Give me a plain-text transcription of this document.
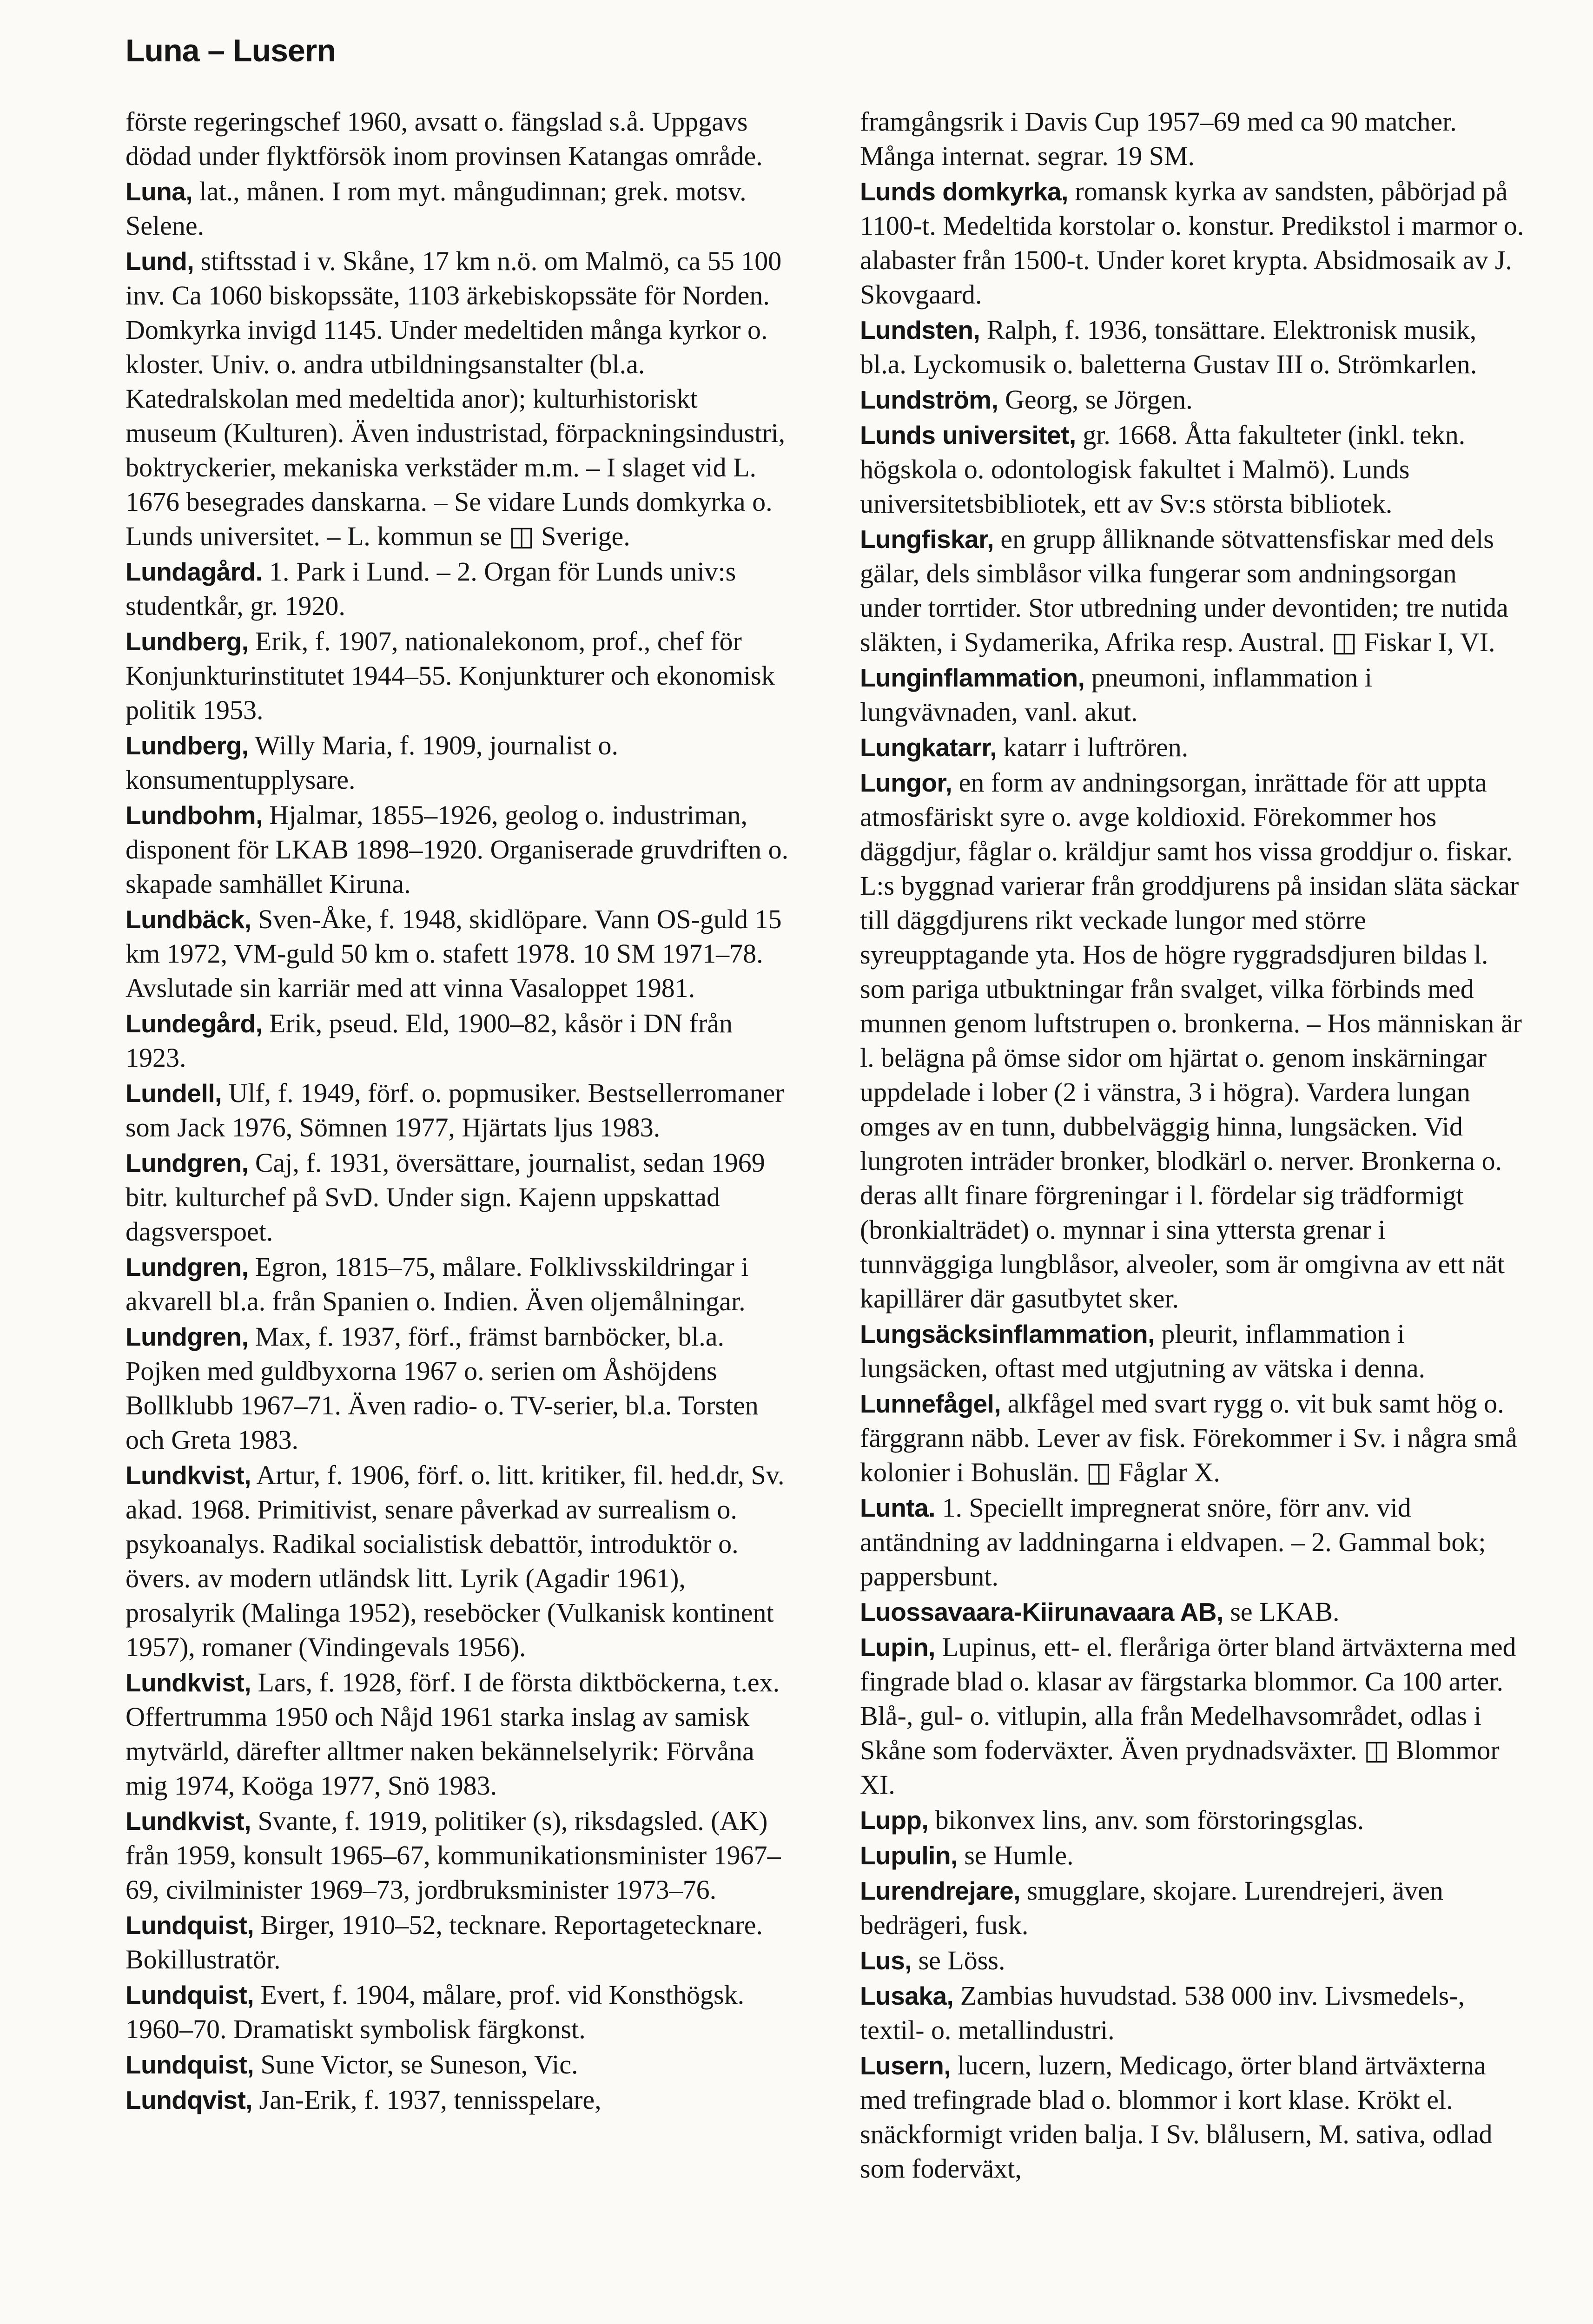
Luna – Lusern

förste regeringschef 1960, avsatt o. fängslad s.å. Uppgavs dödad under flyktförsök inom provinsen Katangas område.

Luna, lat., månen. I rom myt. mångudinnan; grek. motsv. Selene.

Lund, stiftsstad i v. Skåne, 17 km n.ö. om Malmö, ca 55 100 inv. Ca 1060 biskopssäte, 1103 ärkebiskopssäte för Norden. Domkyrka invigd 1145. Under medeltiden många kyrkor o. kloster. Univ. o. andra utbildningsanstalter (bl.a. Katedralskolan med medeltida anor); kulturhistoriskt museum (Kulturen). Även industristad, förpackningsindustri, boktryckerier, mekaniska verkstäder m.m. – I slaget vid L. 1676 besegrades danskarna. – Se vidare Lunds domkyrka o. Lunds universitet. – L. kommun se ◫ Sverige.

Lundagård. 1. Park i Lund. – 2. Organ för Lunds univ:s studentkår, gr. 1920.

Lundberg, Erik, f. 1907, nationalekonom, prof., chef för Konjunkturinstitutet 1944–55. Konjunkturer och ekonomisk politik 1953.

Lundberg, Willy Maria, f. 1909, journalist o. konsumentupplysare.

Lundbohm, Hjalmar, 1855–1926, geolog o. industriman, disponent för LKAB 1898–1920. Organiserade gruvdriften o. skapade samhället Kiruna.

Lundbäck, Sven-Åke, f. 1948, skidlöpare. Vann OS-guld 15 km 1972, VM-guld 50 km o. stafett 1978. 10 SM 1971–78. Avslutade sin karriär med att vinna Vasaloppet 1981.

Lundegård, Erik, pseud. Eld, 1900–82, kåsör i DN från 1923.

Lundell, Ulf, f. 1949, förf. o. popmusiker. Bestsellerromaner som Jack 1976, Sömnen 1977, Hjärtats ljus 1983.

Lundgren, Caj, f. 1931, översättare, journalist, sedan 1969 bitr. kulturchef på SvD. Under sign. Kajenn uppskattad dagsverspoet.

Lundgren, Egron, 1815–75, målare. Folklivsskildringar i akvarell bl.a. från Spanien o. Indien. Även oljemålningar.

Lundgren, Max, f. 1937, förf., främst barnböcker, bl.a. Pojken med guldbyxorna 1967 o. serien om Åshöjdens Bollklubb 1967–71. Även radio- o. TV-serier, bl.a. Torsten och Greta 1983.

Lundkvist, Artur, f. 1906, förf. o. litt. kritiker, fil. hed.dr, Sv. akad. 1968. Primitivist, senare påverkad av surrealism o. psykoanalys. Radikal socialistisk debattör, introduktör o. övers. av modern utländsk litt. Lyrik (Agadir 1961), prosalyrik (Malinga 1952), reseböcker (Vulkanisk kontinent 1957), romaner (Vindingevals 1956).

Lundkvist, Lars, f. 1928, förf. I de första diktböckerna, t.ex. Offertrumma 1950 och Nåjd 1961 starka inslag av samisk mytvärld, därefter alltmer naken bekännelselyrik: Förvåna mig 1974, Koöga 1977, Snö 1983.

Lundkvist, Svante, f. 1919, politiker (s), riksdagsled. (AK) från 1959, konsult 1965–67, kommunikationsminister 1967–69, civilminister 1969–73, jordbruksminister 1973–76.

Lundquist, Birger, 1910–52, tecknare. Reportagetecknare. Bokillustratör.

Lundquist, Evert, f. 1904, målare, prof. vid Konsthögsk. 1960–70. Dramatiskt symbolisk färgkonst.

Lundquist, Sune Victor, se Suneson, Vic.

Lundqvist, Jan-Erik, f. 1937, tennisspelare,

framgångsrik i Davis Cup 1957–69 med ca 90 matcher. Många internat. segrar. 19 SM.

Lunds domkyrka, romansk kyrka av sandsten, påbörjad på 1100-t. Medeltida korstolar o. konstur. Predikstol i marmor o. alabaster från 1500-t. Under koret krypta. Absidmosaik av J. Skovgaard.

Lundsten, Ralph, f. 1936, tonsättare. Elektronisk musik, bl.a. Lyckomusik o. baletterna Gustav III o. Strömkarlen.

Lundström, Georg, se Jörgen.

Lunds universitet, gr. 1668. Åtta fakulteter (inkl. tekn. högskola o. odontologisk fakultet i Malmö). Lunds universitetsbibliotek, ett av Sv:s största bibliotek.

Lungfiskar, en grupp ålliknande sötvattensfiskar med dels gälar, dels simblåsor vilka fungerar som andningsorgan under torrtider. Stor utbredning under devontiden; tre nutida släkten, i Sydamerika, Afrika resp. Austral. ◫ Fiskar I, VI.

Lunginflammation, pneumoni, inflammation i lungvävnaden, vanl. akut.

Lungkatarr, katarr i luftrören.

Lungor, en form av andningsorgan, inrättade för att uppta atmosfäriskt syre o. avge koldioxid. Förekommer hos däggdjur, fåglar o. kräldjur samt hos vissa groddjur o. fiskar. L:s byggnad varierar från groddjurens på insidan släta säckar till däggdjurens rikt veckade lungor med större syreupptagande yta. Hos de högre ryggradsdjuren bildas l. som pariga utbuktningar från svalget, vilka förbinds med munnen genom luftstrupen o. bronkerna. – Hos människan är l. belägna på ömse sidor om hjärtat o. genom inskärningar uppdelade i lober (2 i vänstra, 3 i högra). Vardera lungan omges av en tunn, dubbelväggig hinna, lungsäcken. Vid lungroten inträder bronker, blodkärl o. nerver. Bronkerna o. deras allt finare förgreningar i l. fördelar sig trädformigt (bronkialträdet) o. mynnar i sina yttersta grenar i tunnväggiga lungblåsor, alveoler, som är omgivna av ett nät kapillärer där gasutbytet sker.

Lungsäcksinflammation, pleurit, inflammation i lungsäcken, oftast med utgjutning av vätska i denna.

Lunnefågel, alkfågel med svart rygg o. vit buk samt hög o. färggrann näbb. Lever av fisk. Förekommer i Sv. i några små kolonier i Bohuslän. ◫ Fåglar X.

Lunta. 1. Speciellt impregnerat snöre, förr anv. vid antändning av laddningarna i eldvapen. – 2. Gammal bok; pappersbunt.

Luossavaara-Kiirunavaara AB, se LKAB.

Lupin, Lupinus, ett- el. fleråriga örter bland ärtväxterna med fingrade blad o. klasar av färgstarka blommor. Ca 100 arter. Blå-, gul- o. vitlupin, alla från Medelhavsområdet, odlas i Skåne som foderväxter. Även prydnadsväxter. ◫ Blommor XI.

Lupp, bikonvex lins, anv. som förstoringsglas.

Lupulin, se Humle.

Lurendrejare, smugglare, skojare. Lurendrejeri, även bedrägeri, fusk.

Lus, se Löss.

Lusaka, Zambias huvudstad. 538 000 inv. Livsmedels-, textil- o. metallindustri.

Lusern, lucern, luzern, Medicago, örter bland ärtväxterna med trefingrade blad o. blommor i kort klase. Krökt el. snäckformigt vriden balja. I Sv. blålusern, M. sativa, odlad som foderväxt,
